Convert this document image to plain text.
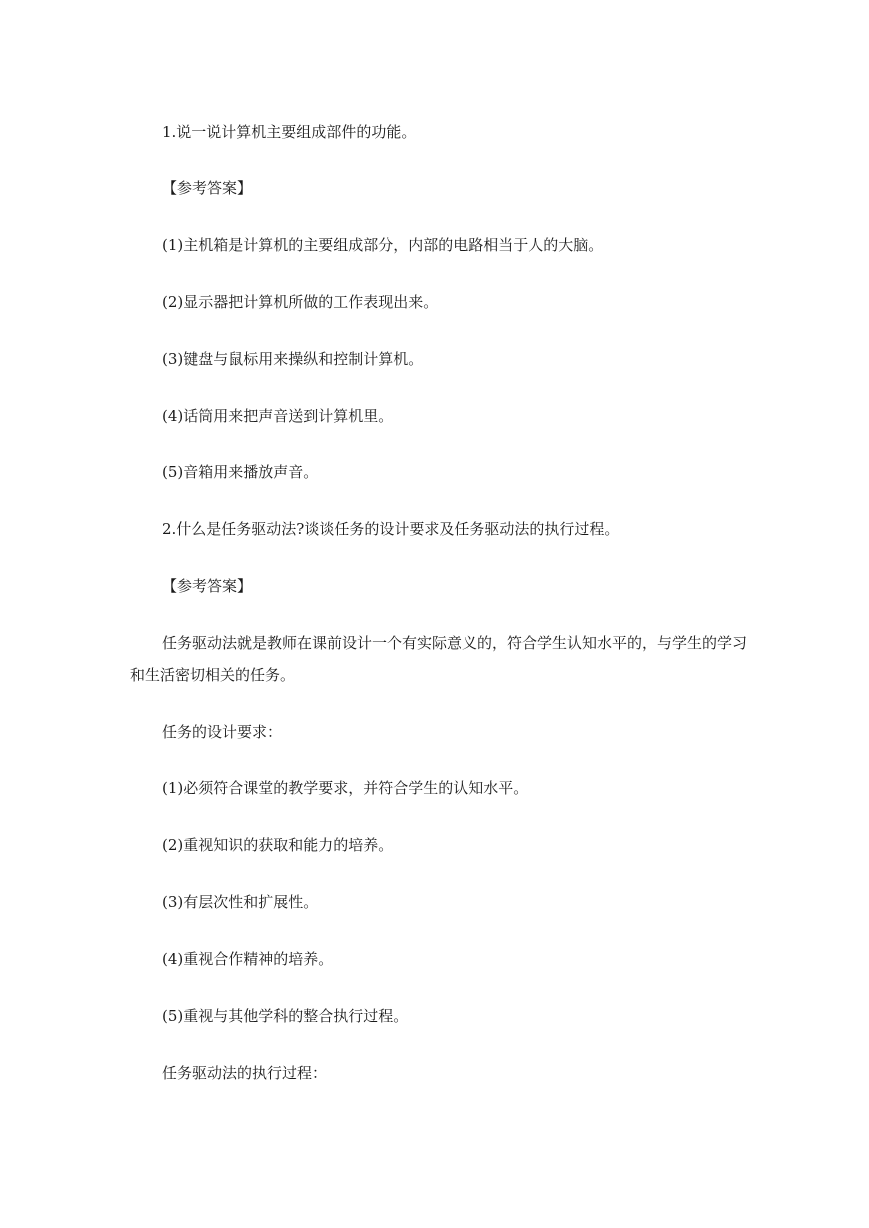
1.说一说计算机主要组成部件的功能。
【参考答案】
(1)主机箱是计算机的主要组成部分，内部的电路相当于人的大脑。
(2)显示器把计算机所做的工作表现出来。
(3)键盘与鼠标用来操纵和控制计算机。
(4)话筒用来把声音送到计算机里。
(5)音箱用来播放声音。
2.什么是任务驱动法?谈谈任务的设计要求及任务驱动法的执行过程。
【参考答案】
任务驱动法就是教师在课前设计一个有实际意义的，符合学生认知水平的，与学生的学习和生活密切相关的任务。
任务的设计要求：
(1)必须符合课堂的教学要求，并符合学生的认知水平。
(2)重视知识的获取和能力的培养。
(3)有层次性和扩展性。
(4)重视合作精神的培养。
(5)重视与其他学科的整合执行过程。
任务驱动法的执行过程：
